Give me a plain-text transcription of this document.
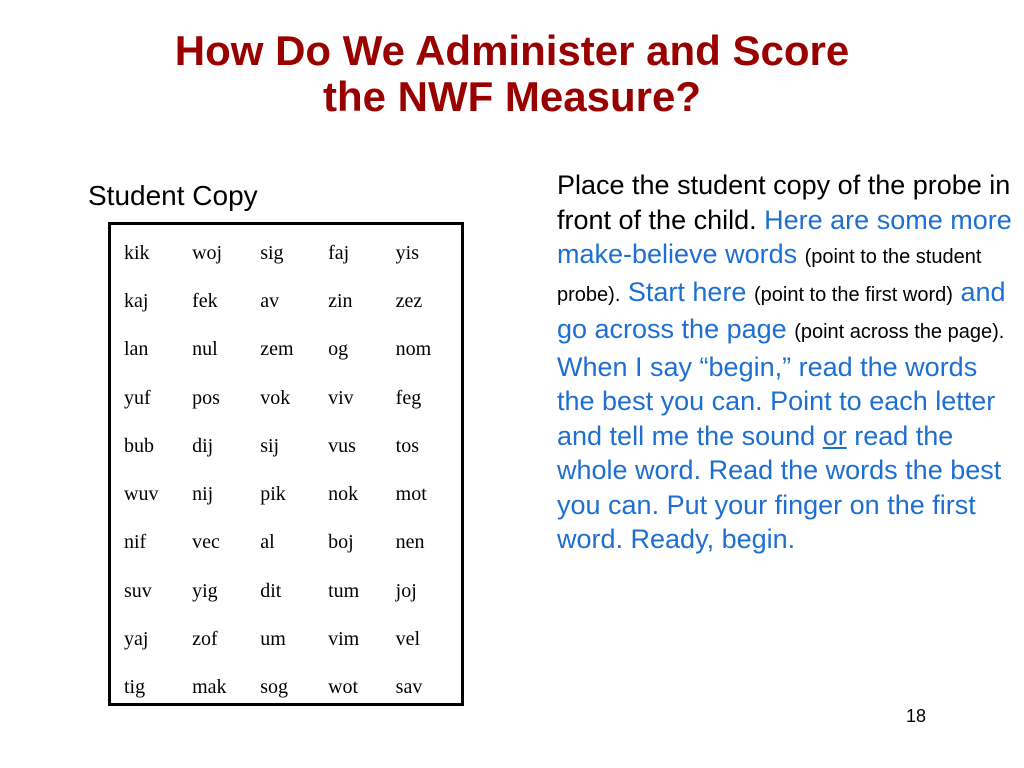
How Do We Administer and Score
the NWF Measure?
Student Copy
kik	woj	sig	faj	yis
kaj	fek	av	zin	zez
lan	nul	zem	og	nom
yuf	pos	vok	viv	feg
bub	dij	sij	vus	tos
wuv	nij	pik	nok	mot
nif	vec	al	boj	nen
suv	yig	dit	tum	joj
yaj	zof	um	vim	vel
tig	mak	sog	wot	sav
Place the student copy of the probe in front of the child. Here are some more make-believe words (point to the student probe). Start here (point to the first word) and go across the page (point across the page). When I say “begin,” read the words the best you can. Point to each letter and tell me the sound or read the whole word. Read the words the best you can. Put your finger on the first word. Ready, begin.
18
